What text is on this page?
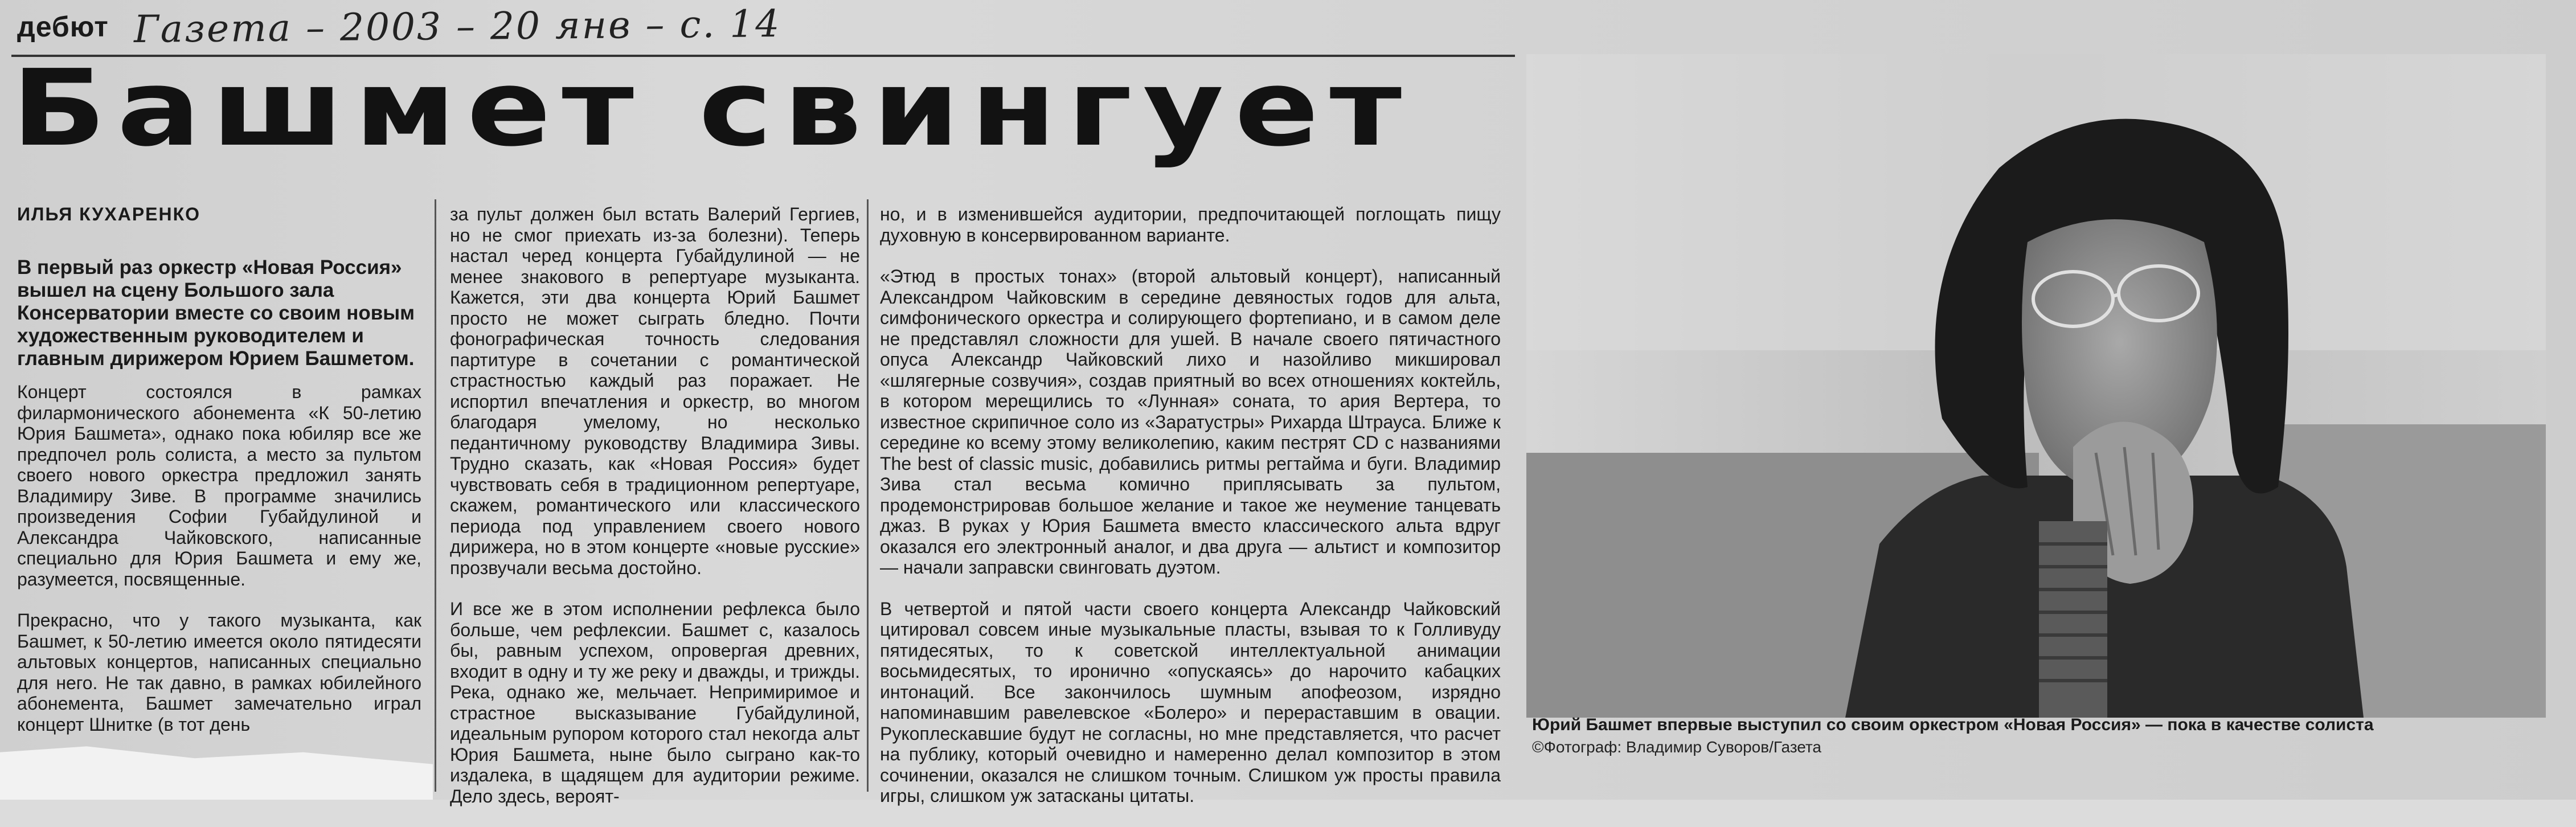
дебют Газета – 2003 – 20 янв – с. 14
Башмет свингует
ИЛЬЯ КУХАРЕНКО
В первый раз оркестр «Новая Россия» вышел на сцену Большого зала Консерватории вместе со своим новым художественным руководителем и главным дирижером Юрием Башметом.

Концерт состоялся в рамках филармонического абонемента «К 50-летию Юрия Башмета», однако пока юбиляр все же предпочел роль солиста, а место за пультом своего нового оркестра предложил занять Владимиру Зиве. В программе значились произведения Софии Губайдулиной и Александра Чайковского, написанные специально для Юрия Башмета и ему же, разумеется, посвященные.

Прекрасно, что у такого музыканта, как Башмет, к 50-летию имеется около пятидесяти альтовых концертов, написанных специально для него. Не так давно, в рамках юбилейного абонемента, Башмет замечательно играл концерт Шнитке (в тот день

за пульт должен был встать Валерий Гергиев, но не смог приехать из-за болезни). Теперь настал черед концерта Губайдулиной — не менее знакового в репертуаре музыканта. Кажется, эти два концерта Юрий Башмет просто не может сыграть бледно. Почти фонографическая точность следования партитуре в сочетании с романтической страстностью каждый раз поражает. Не испортил впечатления и оркестр, во многом благодаря умелому, но несколько педантичному руководству Владимира Зивы. Трудно сказать, как «Новая Россия» будет чувствовать себя в традиционном репертуаре, скажем, романтического или классического периода под управлением своего нового дирижера, но в этом концерте «новые русские» прозвучали весьма достойно.

И все же в этом исполнении рефлекса было больше, чем рефлексии. Башмет с, казалось бы, равным успехом, опровергая древних, входит в одну и ту же реку и дважды, и трижды. Река, однако же, мельчает. Непримиримое и страстное высказывание Губайдулиной, идеальным рупором которого стал некогда альт Юрия Башмета, ныне было сыграно как-то издалека, в щадящем для аудитории режиме. Дело здесь, вероят-

но, и в изменившейся аудитории, предпочитающей поглощать пищу духовную в консервированном варианте.

«Этюд в простых тонах» (второй альтовый концерт), написанный Александром Чайковским в середине девяностых годов для альта, симфонического оркестра и солирующего фортепиано, и в самом деле не представлял сложности для ушей. В начале своего пятичастного опуса Александр Чайковский лихо и назойливо микшировал «шлягерные созвучия», создав приятный во всех отношениях коктейль, в котором мерещились то «Лунная» соната, то ария Вертера, то известное скрипичное соло из «Заратустры» Рихарда Штрауса. Ближе к середине ко всему этому великолепию, каким пестрят CD с названиями The best of classic music, добавились ритмы регтайма и буги. Владимир Зива стал весьма комично приплясывать за пультом, продемонстрировав большое желание и такое же неумение танцевать джаз. В руках у Юрия Башмета вместо классического альта вдруг оказался его электронный аналог, и два друга — альтист и композитор — начали заправски свинговать дуэтом.

В четвертой и пятой части своего концерта Александр Чайковский цитировал совсем иные музыкальные пласты, взывая то к Голливуду пятидесятых, то к советской интеллектуальной анимации восьмидесятых, то иронично «опускаясь» до нарочито кабацких интонаций. Все закончилось шумным апофеозом, изрядно напоминавшим равелевское «Болеро» и перераставшим в овации. Рукоплескавшие будут не согласны, но мне представляется, что расчет на публику, который очевидно и намеренно делал композитор в этом сочинении, оказался не слишком точным. Слишком уж просты правила игры, слишком уж затасканы цитаты.

Юрий Башмет впервые выступил со своим оркестром «Новая Россия» — пока в качестве солиста
©Фотограф: Владимир Суворов/Газета
